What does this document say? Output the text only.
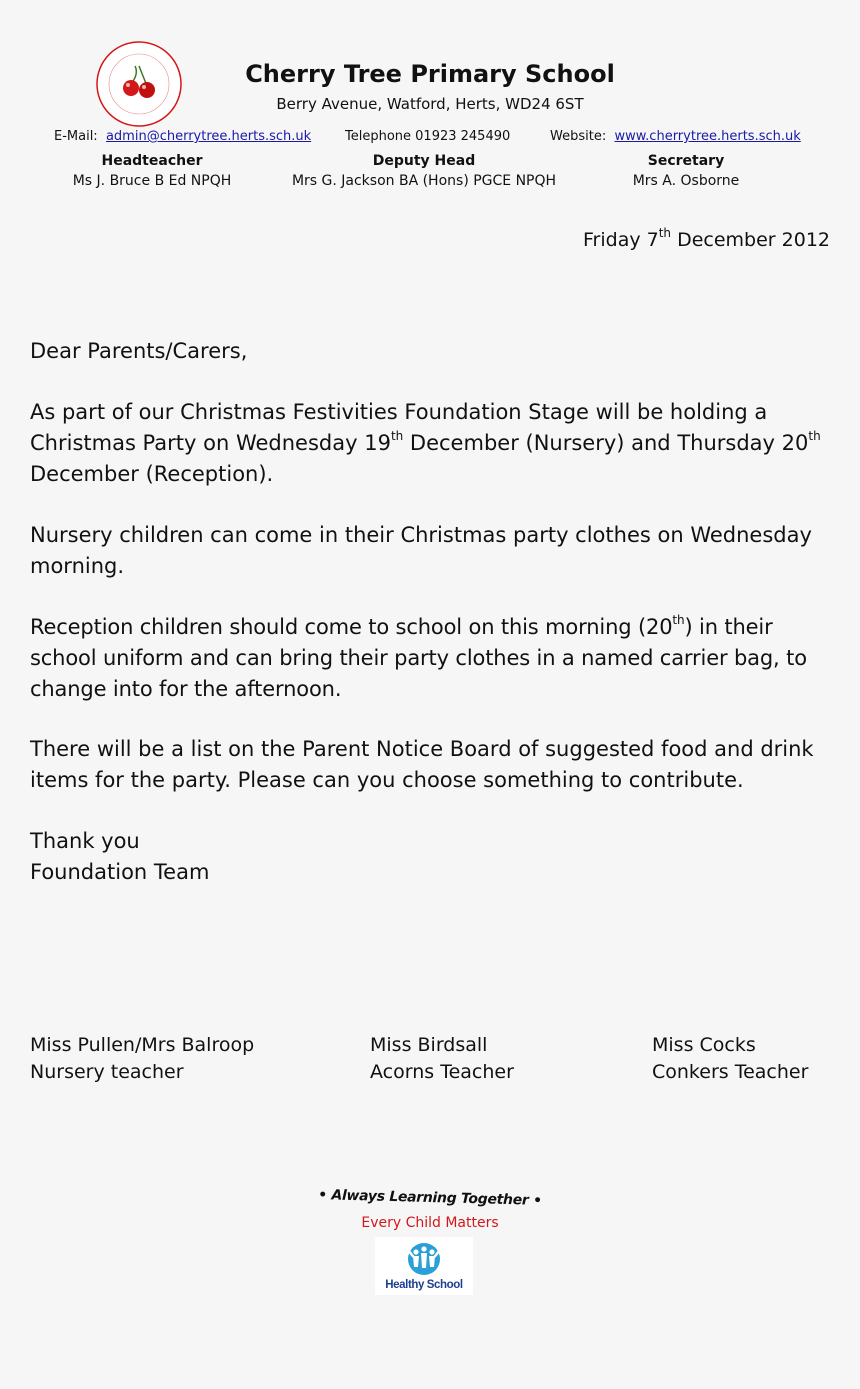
Cherry Tree Primary School
Berry Avenue, Watford, Herts, WD24 6ST
E-Mail: admin@cherrytree.herts.sch.uk	Telephone 01923 245490	Website: www.cherrytree.herts.sch.uk
Headteacher
Ms J. Bruce B Ed NPQH
Deputy Head
Mrs G. Jackson BA (Hons) PGCE NPQH
Secretary
Mrs A. Osborne
Friday 7th December 2012

Dear Parents/Carers,

As part of our Christmas Festivities Foundation Stage will be holding a Christmas Party on Wednesday 19th December (Nursery) and Thursday 20th December (Reception).

Nursery children can come in their Christmas party clothes on Wednesday morning.

Reception children should come to school on this morning (20th) in their school uniform and can bring their party clothes in a named carrier bag, to change into for the afternoon.

There will be a list on the Parent Notice Board of suggested food and drink items for the party. Please can you choose something to contribute.

Thank you

Foundation Team

Miss Pullen/Mrs Balroop
Nursery teacher
Miss Birdsall
Acorns Teacher
Miss Cocks
Conkers Teacher
• Always Learning Together •
Every Child Matters
Healthy School
